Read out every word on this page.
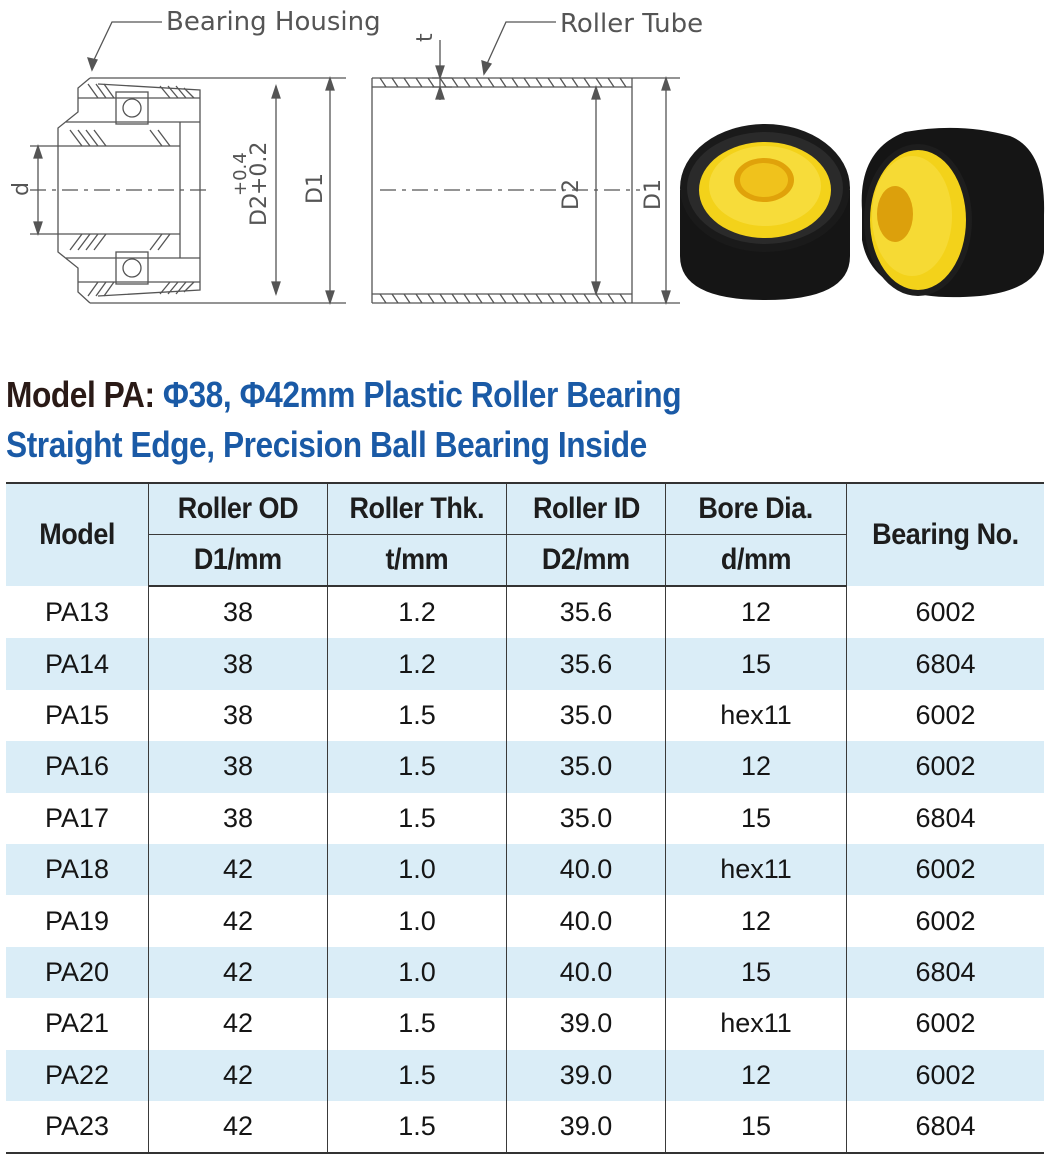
Bearing Housing
d	+0.4
D2+0.2 D1
Roller Tube
t
D2	D1
Model PA: Φ38, Φ42mm Plastic Roller Bearing
Straight Edge, Precision Ball Bearing Inside
Model	Roller OD	Roller Thk.	Roller ID	Bore Dia.	Bearing No.
	D1/mm	t/mm	D2/mm	d/mm	
PA13	38	1.2	35.6	12	6002
PA14	38	1.2	35.6	15	6804
PA15	38	1.5	35.0	hex11	6002
PA16	38	1.5	35.0	12	6002
PA17	38	1.5	35.0	15	6804
PA18	42	1.0	40.0	hex11	6002
PA19	42	1.0	40.0	12	6002
PA20	42	1.0	40.0	15	6804
PA21	42	1.5	39.0	hex11	6002
PA22	42	1.5	39.0	12	6002
PA23	42	1.5	39.0	15	6804
